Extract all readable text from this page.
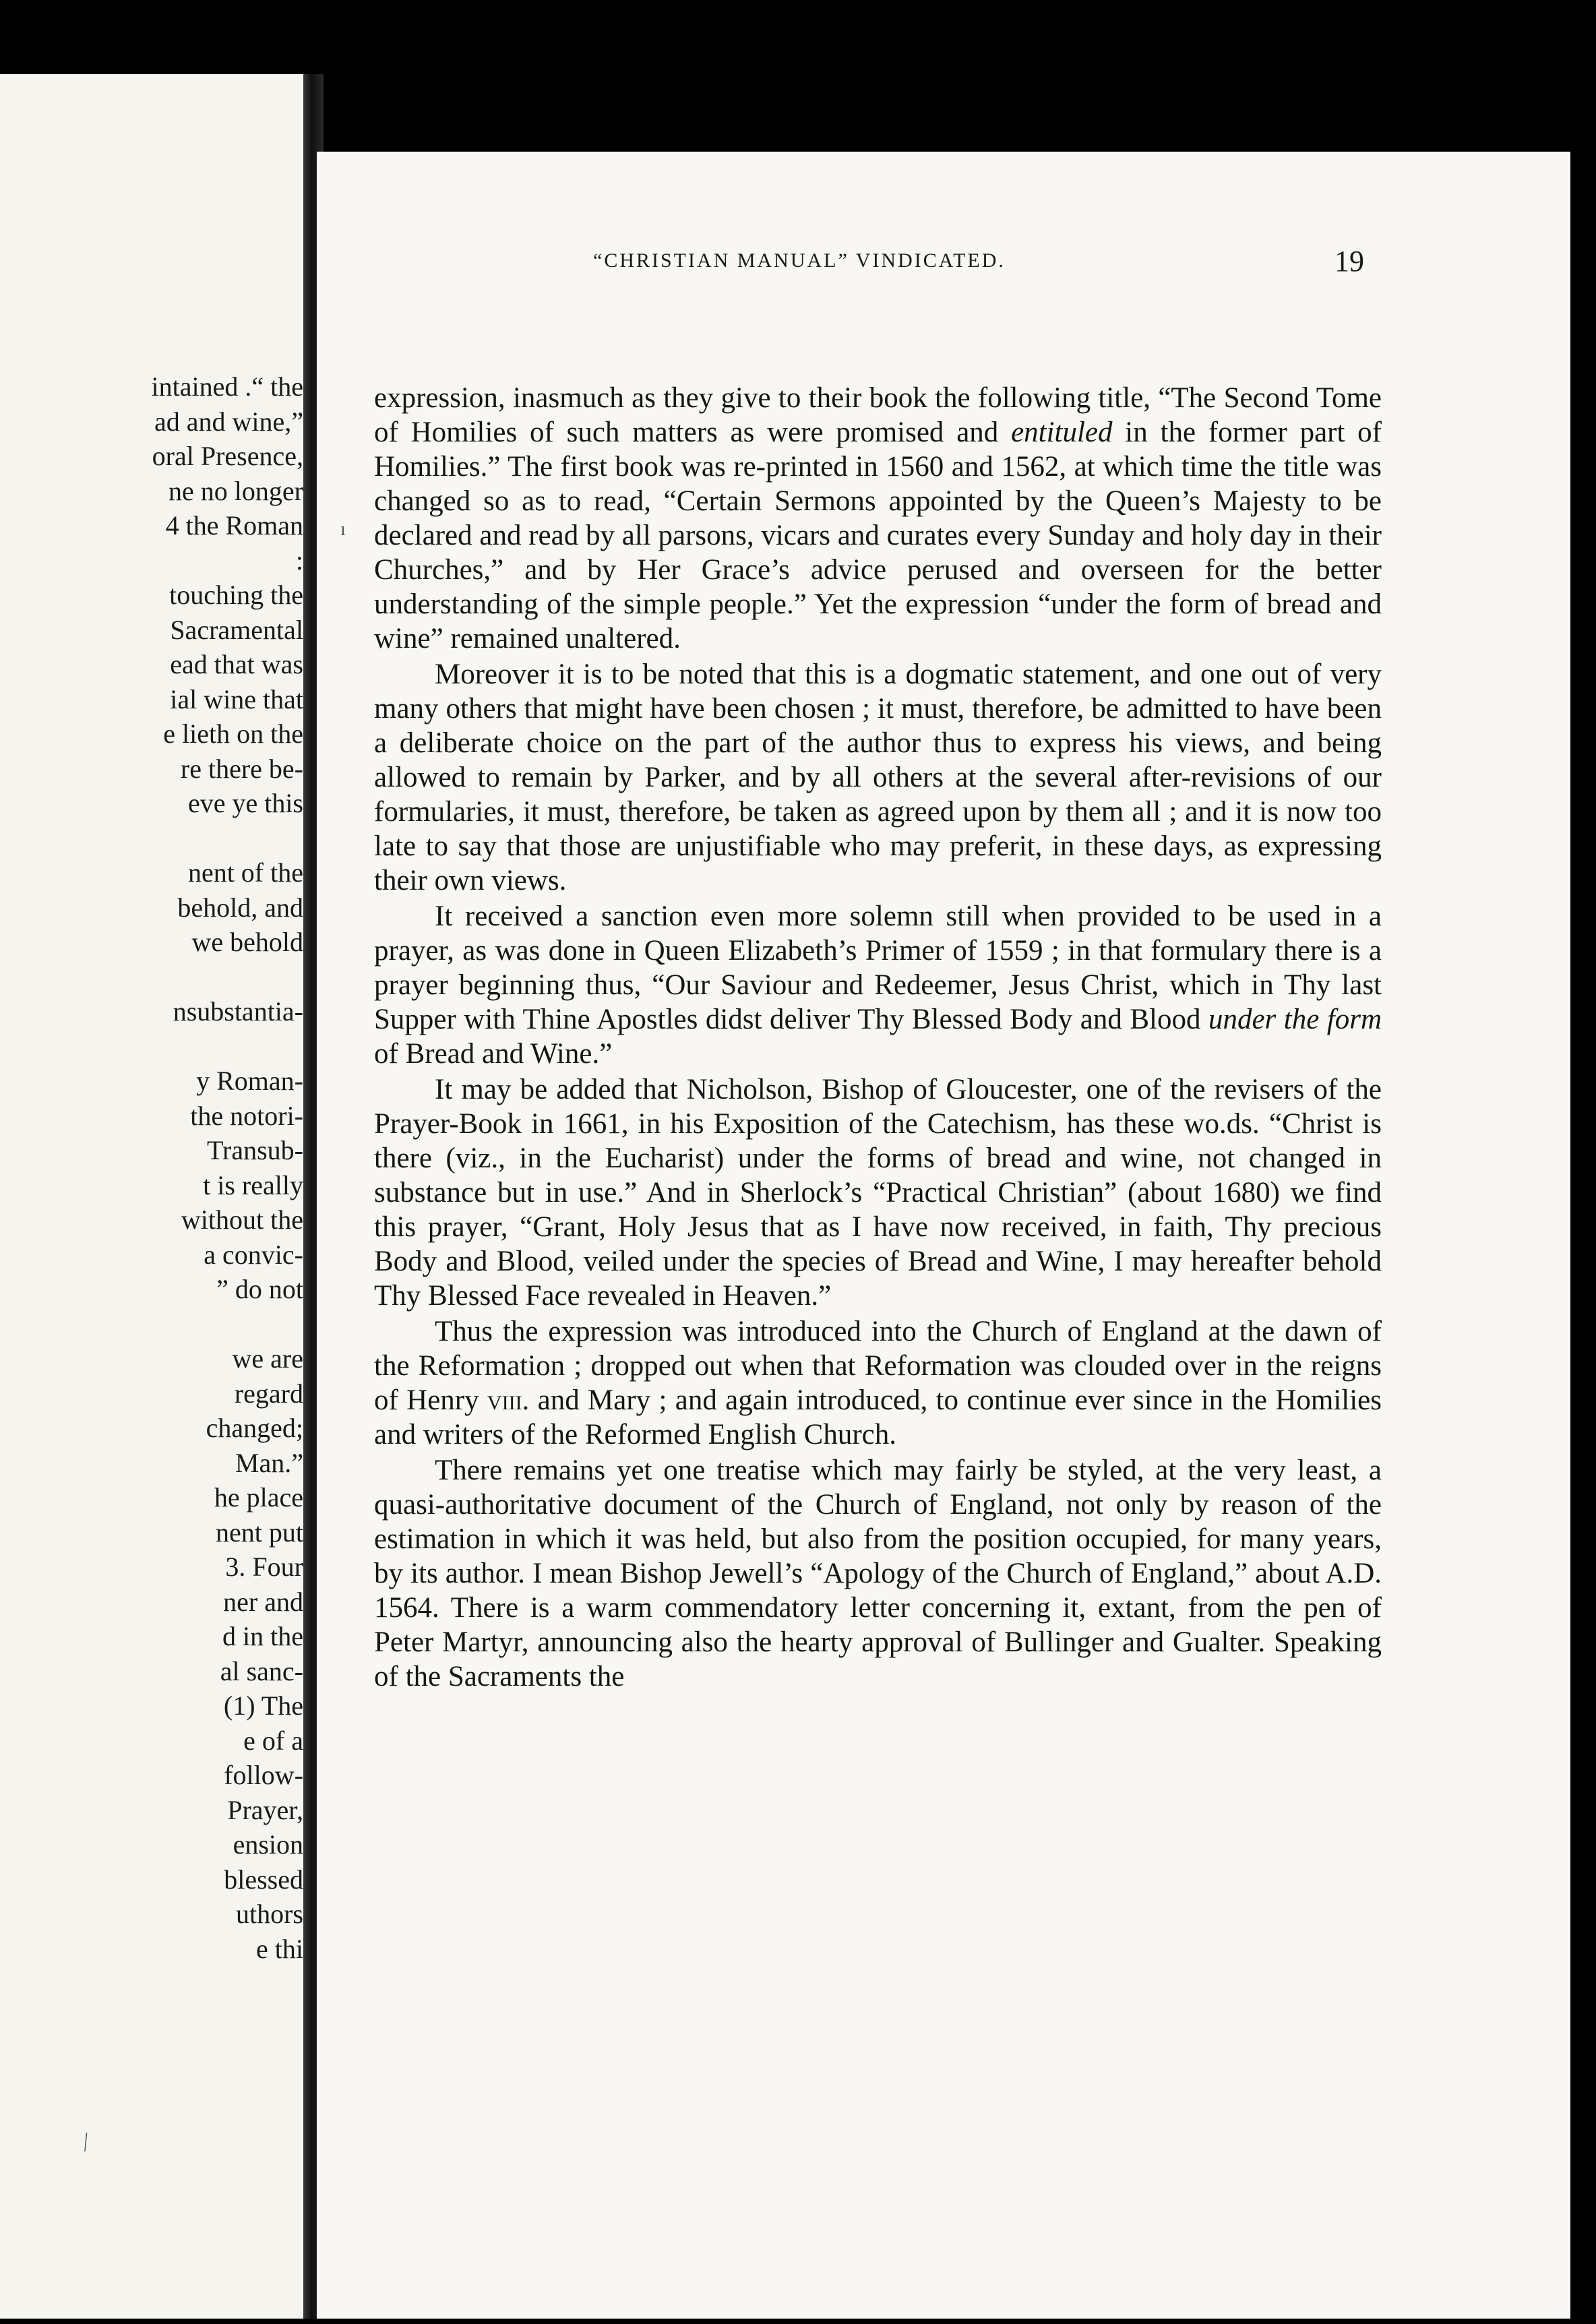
intained .“ the
ad and wine,”
oral Presence,
ne no longer
4 the Roman
:
touching the
Sacramental
ead that was
ial wine that
e lieth on the
re there be-
eve ye this
nent of the
behold, and
we behold
nsubstantia-
y Roman-
the notori-
Transub-
t is really
without the
a convic-
” do not
we are
regard
changed;
Man.”
he place
nent put
3. Four
ner and
d in the
al sanc-
(1) The
e of a
follow-
Prayer,
ension
blessed
uthors
e thi
⁄
“CHRISTIAN MANUAL” VINDICATED.	19
ı

expression, inasmuch as they give to their book the following title, “The Second Tome of Homilies of such matters as were promised and entituled in the former part of Homilies.” The first book was re-printed in 1560 and 1562, at which time the title was changed so as to read, “Certain Sermons appointed by the Queen’s Majesty to be declared and read by all parsons, vicars and curates every Sunday and holy day in their Churches,” and by Her Grace’s advice perused and overseen for the better understanding of the simple people.” Yet the expression “under the form of bread and wine” remained unaltered.

Moreover it is to be noted that this is a dogmatic statement, and one out of very many others that might have been chosen ; it must, therefore, be admitted to have been a deliberate choice on the part of the author thus to express his views, and being allowed to remain by Parker, and by all others at the several after-revisions of our formularies, it must, therefore, be taken as agreed upon by them all ; and it is now too late to say that those are unjustifiable who may preferit, in these days, as expressing their own views.

It received a sanction even more solemn still when provided to be used in a prayer, as was done in Queen Elizabeth’s Primer of 1559 ; in that formulary there is a prayer beginning thus, “Our Saviour and Redeemer, Jesus Christ, which in Thy last Supper with Thine Apostles didst deliver Thy Blessed Body and Blood under the form of Bread and Wine.”

It may be added that Nicholson, Bishop of Gloucester, one of the revisers of the Prayer-Book in 1661, in his Exposition of the Catechism, has these wo.ds. “Christ is there (viz., in the Eucharist) under the forms of bread and wine, not changed in substance but in use.” And in Sherlock’s “Practical Christian” (about 1680) we find this prayer, “Grant, Holy Jesus that as I have now received, in faith, Thy precious Body and Blood, veiled under the species of Bread and Wine, I may hereafter behold Thy Blessed Face revealed in Heaven.”

Thus the expression was introduced into the Church of England at the dawn of the Reformation ; dropped out when that Reformation was clouded over in the reigns of Henry viii. and Mary ; and again introduced, to continue ever since in the Homilies and writers of the Reformed English Church.

There remains yet one treatise which may fairly be styled, at the very least, a quasi-authoritative document of the Church of England, not only by reason of the estimation in which it was held, but also from the position occupied, for many years, by its author. I mean Bishop Jewell’s “Apology of the Church of England,” about A.D. 1564. There is a warm commendatory letter concerning it, extant, from the pen of Peter Martyr, announcing also the hearty approval of Bullinger and Gualter. Speaking of the Sacraments the
